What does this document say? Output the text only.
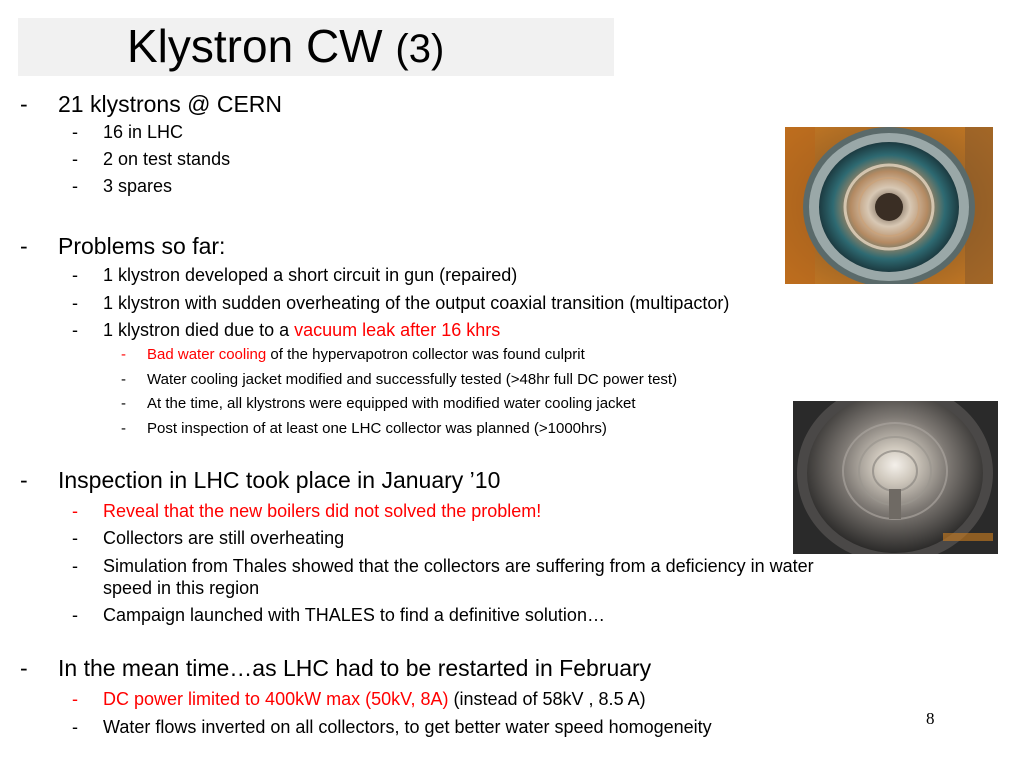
Klystron CW (3)
- 21 klystrons @ CERN
- 16 in LHC
- 2 on test stands
- 3 spares
- Problems so far:
- 1 klystron developed a short circuit in gun (repaired)
- 1 klystron with sudden overheating of the output coaxial transition (multipactor)
- 1 klystron died due to a vacuum leak after 16 khrs
- Bad water cooling of the hypervapotron collector was found culprit
- Water cooling jacket modified and successfully tested (>48hr full DC power test)
- At the time, all klystrons were equipped with modified water cooling jacket
- Post inspection of at least one LHC collector was planned (>1000hrs)
- Inspection in LHC took place in January ’10
- Reveal that the new boilers did not solved the problem!
- Collectors are still overheating
- Simulation from Thales showed that the collectors are suffering from a deficiency in water
speed in this region
- Campaign launched with THALES to find a definitive solution…
- In the mean time…as LHC had to be restarted in February
- DC power limited to 400kW max (50kV, 8A) (instead of 58kV , 8.5 A)
- Water flows inverted on all collectors, to get better water speed homogeneity	8
